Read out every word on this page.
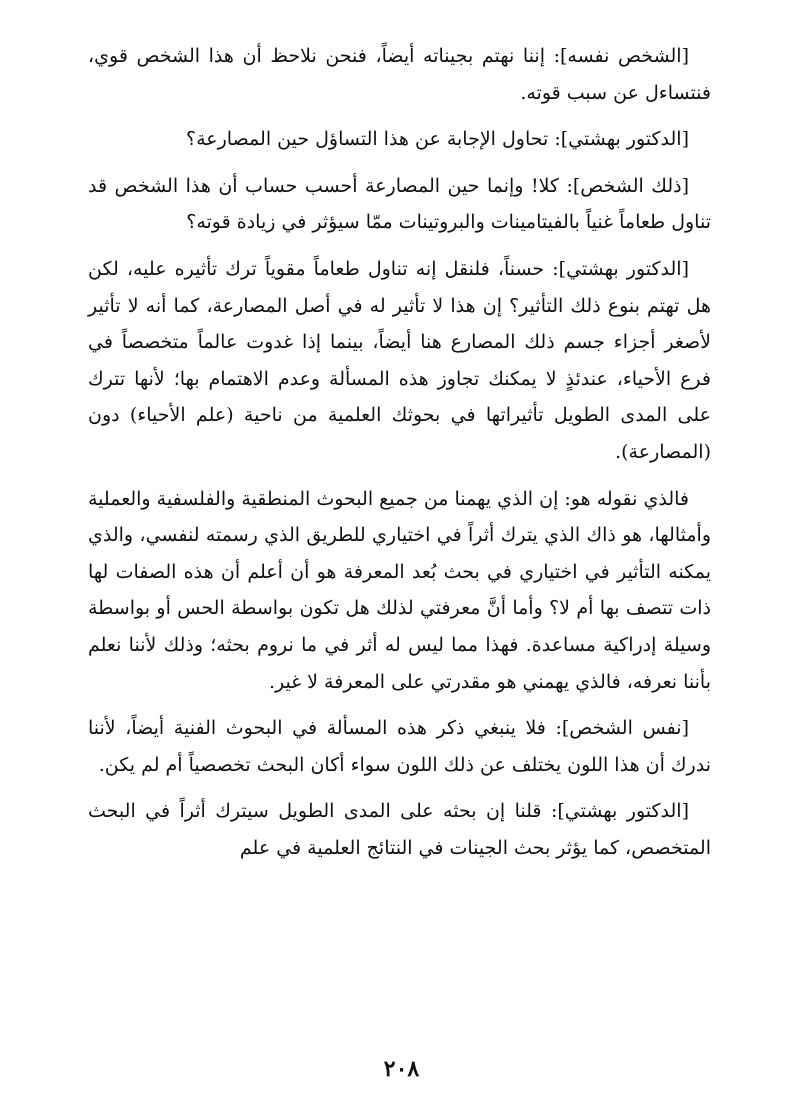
[الشخص نفسه]: إننا نهتم بجيناته أيضاً، فنحن نلاحظ أن هذا الشخص قوي، فنتساءل عن سبب قوته.

[الدكتور بهشتي]: تحاول الإجابة عن هذا التساؤل حين المصارعة؟

[ذلك الشخص]: كلا! وإنما حين المصارعة أحسب حساب أن هذا الشخص قد تناول طعاماً غنياً بالفيتامينات والبروتينات ممّا سيؤثر في زيادة قوته؟

[الدكتور بهشتي]: حسناً، فلنقل إنه تناول طعاماً مقوياً ترك تأثيره عليه، لكن هل تهتم بنوع ذلك التأثير؟ إن هذا لا تأثير له في أصل المصارعة، كما أنه لا تأثير لأصغر أجزاء جسم ذلك المصارع هنا أيضاً، بينما إذا غدوت عالماً متخصصاً في فرع الأحياء، عندئذٍ لا يمكنك تجاوز هذه المسألة وعدم الاهتمام بها؛ لأنها تترك على المدى الطويل تأثيراتها في بحوثك العلمية من ناحية (علم الأحياء) دون (المصارعة).

فالذي نقوله هو: إن الذي يهمنا من جميع البحوث المنطقية والفلسفية والعملية وأمثالها، هو ذاك الذي يترك أثراً في اختياري للطريق الذي رسمته لنفسي، والذي يمكنه التأثير في اختياري في بحث بُعد المعرفة هو أن أعلم أن هذه الصفات لها ذات تتصف بها أم لا؟ وأما أنَّ معرفتي لذلك هل تكون بواسطة الحس أو بواسطة وسيلة إدراكية مساعدة. فهذا مما ليس له أثر في ما نروم بحثه؛ وذلك لأننا نعلم بأننا نعرفه، فالذي يهمني هو مقدرتي على المعرفة لا غير.

[نفس الشخص]: فلا ينبغي ذكر هذه المسألة في البحوث الفنية أيضاً، لأننا ندرك أن هذا اللون يختلف عن ذلك اللون سواء أكان البحث تخصصياً أم لم يكن.

[الدكتور بهشتي]: قلنا إن بحثه على المدى الطويل سيترك أثراً في البحث المتخصص، كما يؤثر بحث الجينات في النتائج العلمية في علم

٢٠٨
